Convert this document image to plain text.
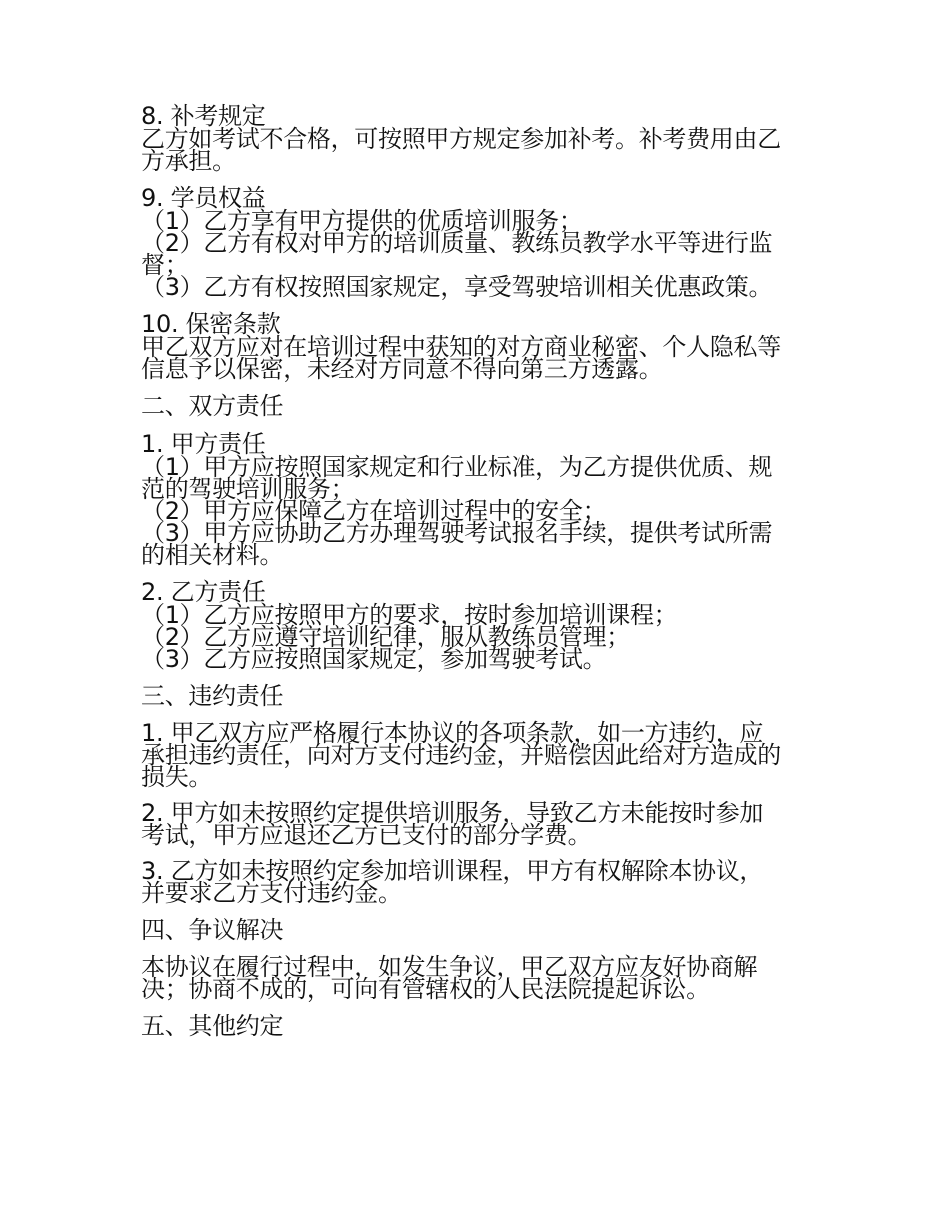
8. 补考规定
乙方如考试不合格，可按照甲方规定参加补考。补考费用由乙
方承担。
9. 学员权益
（1）乙方享有甲方提供的优质培训服务；
（2）乙方有权对甲方的培训质量、教练员教学水平等进行监
督；
（3）乙方有权按照国家规定，享受驾驶培训相关优惠政策。
10. 保密条款
甲乙双方应对在培训过程中获知的对方商业秘密、个人隐私等
信息予以保密，未经对方同意不得向第三方透露。
二、双方责任
1. 甲方责任
（1）甲方应按照国家规定和行业标准，为乙方提供优质、规
范的驾驶培训服务；
（2）甲方应保障乙方在培训过程中的安全；
（3）甲方应协助乙方办理驾驶考试报名手续，提供考试所需
的相关材料。
2. 乙方责任
（1）乙方应按照甲方的要求，按时参加培训课程；
（2）乙方应遵守培训纪律，服从教练员管理；
（3）乙方应按照国家规定，参加驾驶考试。
三、违约责任
1. 甲乙双方应严格履行本协议的各项条款，如一方违约，应
承担违约责任，向对方支付违约金，并赔偿因此给对方造成的
损失。
2. 甲方如未按照约定提供培训服务，导致乙方未能按时参加
考试，甲方应退还乙方已支付的部分学费。
3. 乙方如未按照约定参加培训课程，甲方有权解除本协议，
并要求乙方支付违约金。
四、争议解决
本协议在履行过程中，如发生争议，甲乙双方应友好协商解
决；协商不成的，可向有管辖权的人民法院提起诉讼。
五、其他约定
